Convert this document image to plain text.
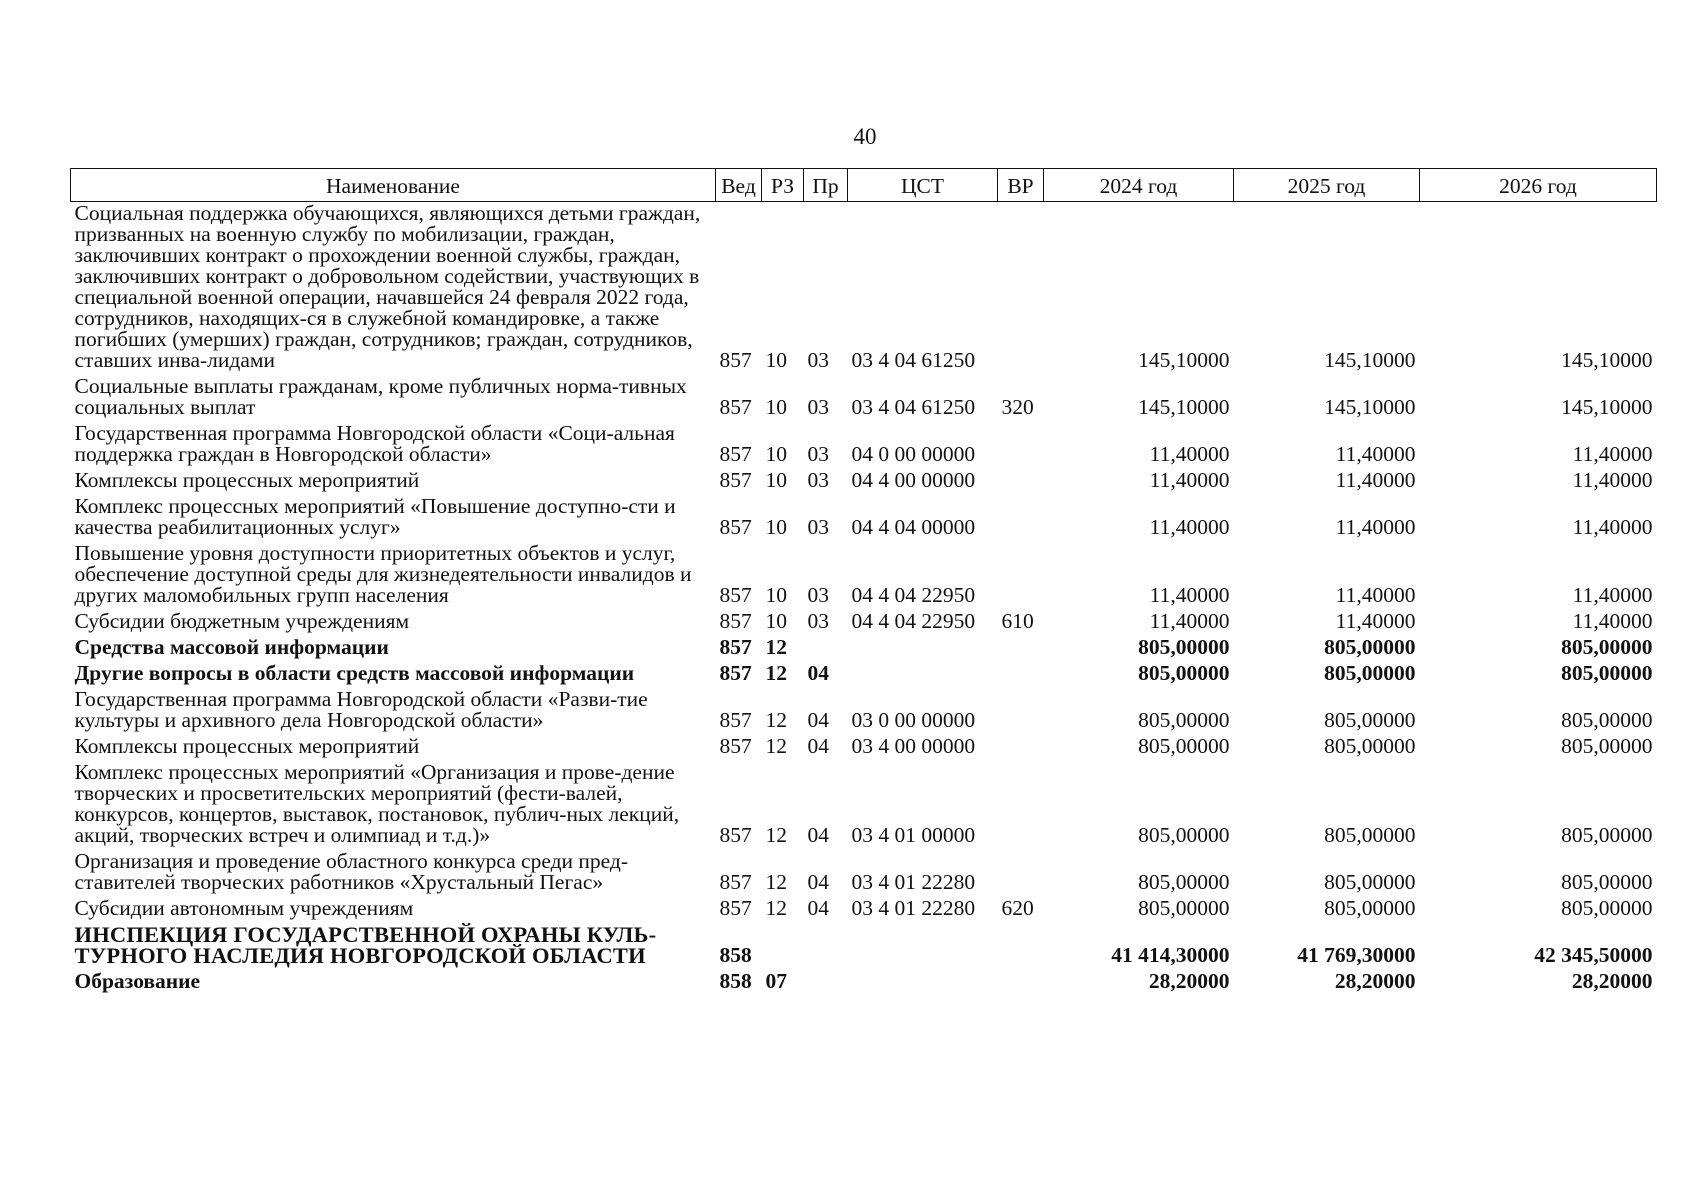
40
Наименование	Вед	РЗ	Пр	ЦСТ	ВР	2024 год	2025 год	2026 год
Социальная поддержка обучающихся, являющихся детьми граждан, призванных на военную службу по мобилизации, граждан, заключивших контракт о прохождении военной службы, граждан, заключивших контракт о добровольном содействии, участвующих в специальной военной операции, начавшейся 24 февраля 2022 года, сотрудников, находящих-ся в служебной командировке, а также погибших (умерших) граждан, сотрудников; граждан, сотрудников, ставших инва-лидами	857	10	03	03 4 04 61250		145,10000	145,10000	145,10000
Социальные выплаты гражданам, кроме публичных норма-тивных социальных выплат	857	10	03	03 4 04 61250	320	145,10000	145,10000	145,10000
Государственная программа Новгородской области «Соци-альная поддержка граждан в Новгородской области»	857	10	03	04 0 00 00000		11,40000	11,40000	11,40000
Комплексы процессных мероприятий	857	10	03	04 4 00 00000		11,40000	11,40000	11,40000
Комплекс процессных мероприятий «Повышение доступно-сти и качества реабилитационных услуг»	857	10	03	04 4 04 00000		11,40000	11,40000	11,40000
Повышение уровня доступности приоритетных объектов и услуг, обеспечение доступной среды для жизнедеятельности инвалидов и других маломобильных групп населения	857	10	03	04 4 04 22950		11,40000	11,40000	11,40000
Субсидии бюджетным учреждениям	857	10	03	04 4 04 22950	610	11,40000	11,40000	11,40000
Средства массовой информации	857	12				805,00000	805,00000	805,00000
Другие вопросы в области средств массовой информации	857	12	04			805,00000	805,00000	805,00000
Государственная программа Новгородской области «Разви-тие культуры и архивного дела Новгородской области»	857	12	04	03 0 00 00000		805,00000	805,00000	805,00000
Комплексы процессных мероприятий	857	12	04	03 4 00 00000		805,00000	805,00000	805,00000
Комплекс процессных мероприятий «Организация и прове-дение творческих и просветительских мероприятий (фести-валей, конкурсов, концертов, выставок, постановок, публич-ных лекций, акций, творческих встреч и олимпиад и т.д.)»	857	12	04	03 4 01 00000		805,00000	805,00000	805,00000
Организация и проведение областного конкурса среди пред-ставителей творческих работников «Хрустальный Пегас»	857	12	04	03 4 01 22280		805,00000	805,00000	805,00000
Субсидии автономным учреждениям	857	12	04	03 4 01 22280	620	805,00000	805,00000	805,00000
ИНСПЕКЦИЯ ГОСУДАРСТВЕННОЙ ОХРАНЫ КУЛЬ-ТУРНОГО НАСЛЕДИЯ НОВГОРОДСКОЙ ОБЛАСТИ	858					41 414,30000	41 769,30000	42 345,50000
Образование	858	07				28,20000	28,20000	28,20000
